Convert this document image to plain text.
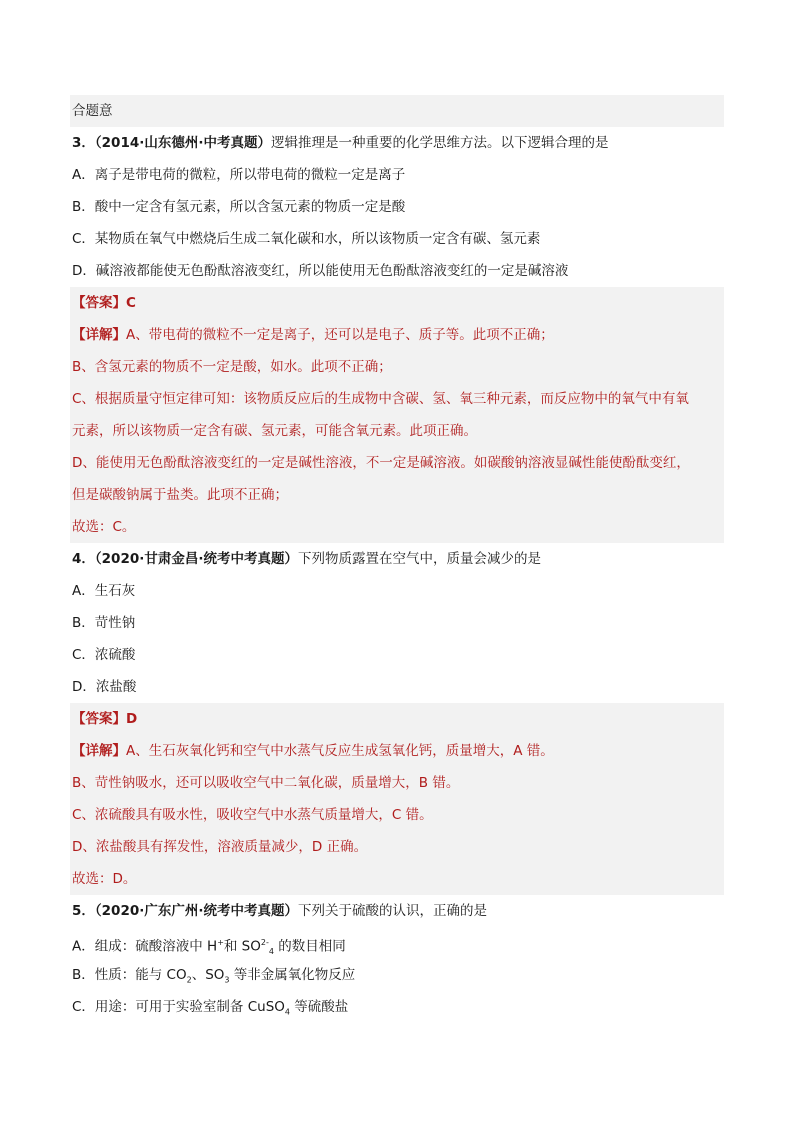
合题意
3．（2014·山东德州·中考真题）逻辑推理是一种重要的化学思维方法。以下逻辑合理的是
A．离子是带电荷的微粒，所以带电荷的微粒一定是离子
B．酸中一定含有氢元素，所以含氢元素的物质一定是酸
C．某物质在氧气中燃烧后生成二氧化碳和水，所以该物质一定含有碳、氢元素
D．碱溶液都能使无色酚酞溶液变红，所以能使用无色酚酞溶液变红的一定是碱溶液
【答案】C
【详解】A、带电荷的微粒不一定是离子，还可以是电子、质子等。此项不正确；
B、含氢元素的物质不一定是酸，如水。此项不正确；
C、根据质量守恒定律可知：该物质反应后的生成物中含碳、氢、氧三种元素，而反应物中的氧气中有氧
元素，所以该物质一定含有碳、氢元素，可能含氧元素。此项正确。
D、能使用无色酚酞溶液变红的一定是碱性溶液，不一定是碱溶液。如碳酸钠溶液显碱性能使酚酞变红，
但是碳酸钠属于盐类。此项不正确；
故选：C。
4．（2020·甘肃金昌·统考中考真题）下列物质露置在空气中，质量会减少的是
A．生石灰
B．苛性钠
C．浓硫酸
D．浓盐酸
【答案】D
【详解】A、生石灰氧化钙和空气中水蒸气反应生成氢氧化钙，质量增大，A 错。
B、苛性钠吸水，还可以吸收空气中二氧化碳，质量增大，B 错。
C、浓硫酸具有吸水性，吸收空气中水蒸气质量增大，C 错。
D、浓盐酸具有挥发性，溶液质量减少，D 正确。
故选：D。
5．（2020·广东广州·统考中考真题）下列关于硫酸的认识，正确的是
A．组成：硫酸溶液中 H+和 $SO^{2-}_4$ 的数目相同
B．性质：能与 $CO_2$、$SO_3$ 等非金属氧化物反应
C．用途：可用于实验室制备 CuSO$_4$ 等硫酸盐
